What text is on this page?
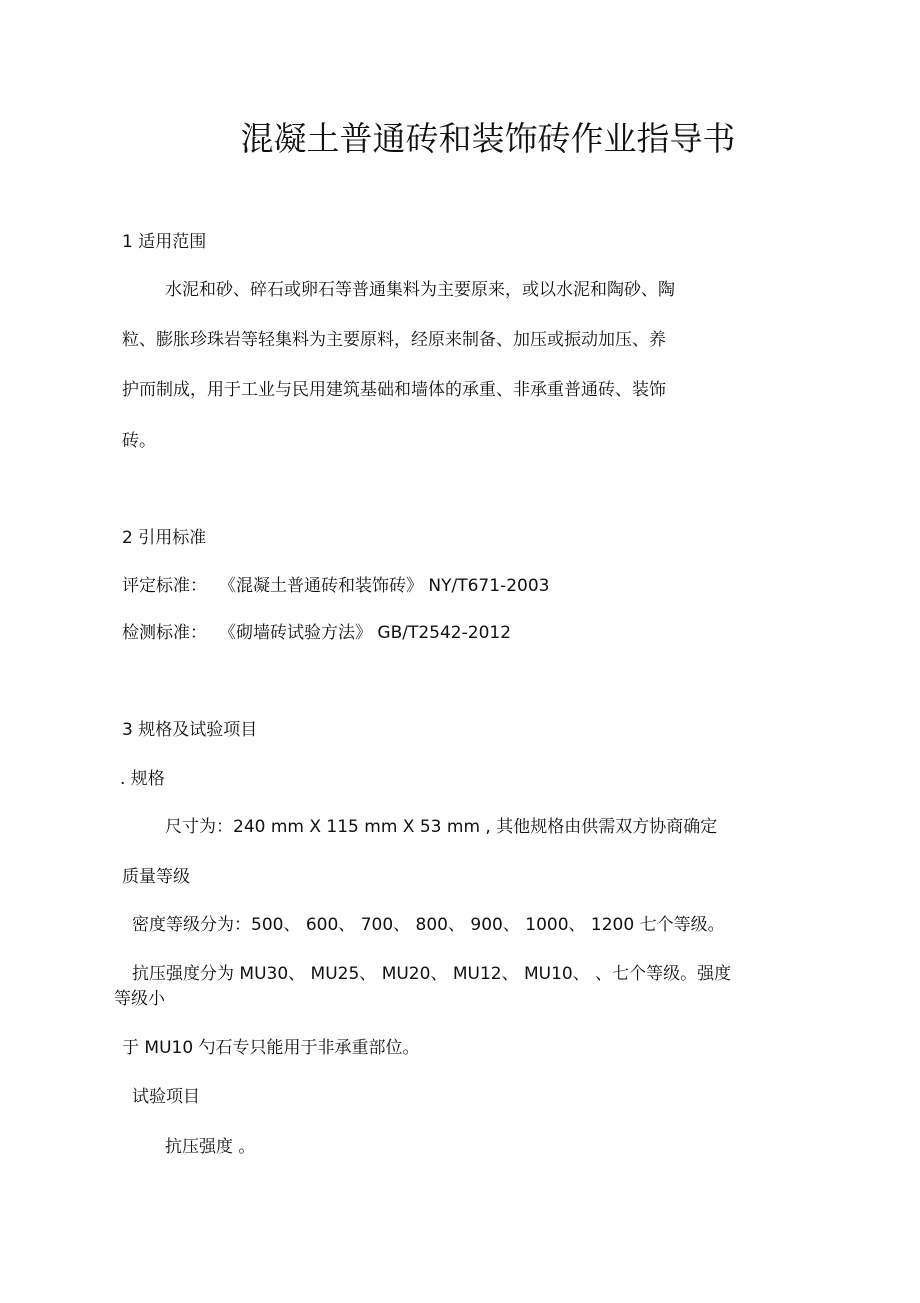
混凝土普通砖和装饰砖作业指导书
1 适用范围
水泥和砂、碎石或卵石等普通集料为主要原来，或以水泥和陶砂、陶
粒、膨胀珍珠岩等轻集料为主要原料，经原来制备、加压或振动加压、养
护而制成，用于工业与民用建筑基础和墙体的承重、非承重普通砖、装饰
砖。
2 引用标准
评定标准： 《混凝土普通砖和装饰砖》 NY/T671-2003
检测标准： 《砌墙砖试验方法》 GB/T2542-2012
3 规格及试验项目
. 规格
尺寸为：240 mm X 115 mm X 53 mm , 其他规格由供需双方协商确定
质量等级
密度等级分为：500、 600、 700、 800、 900、 1000、 1200 七个等级。
抗压强度分为 MU30、 MU25、 MU20、 MU12、 MU10、 、七个等级。强度
等级小
于 MU10 勺石专只能用于非承重部位。
试验项目
抗压强度 。
